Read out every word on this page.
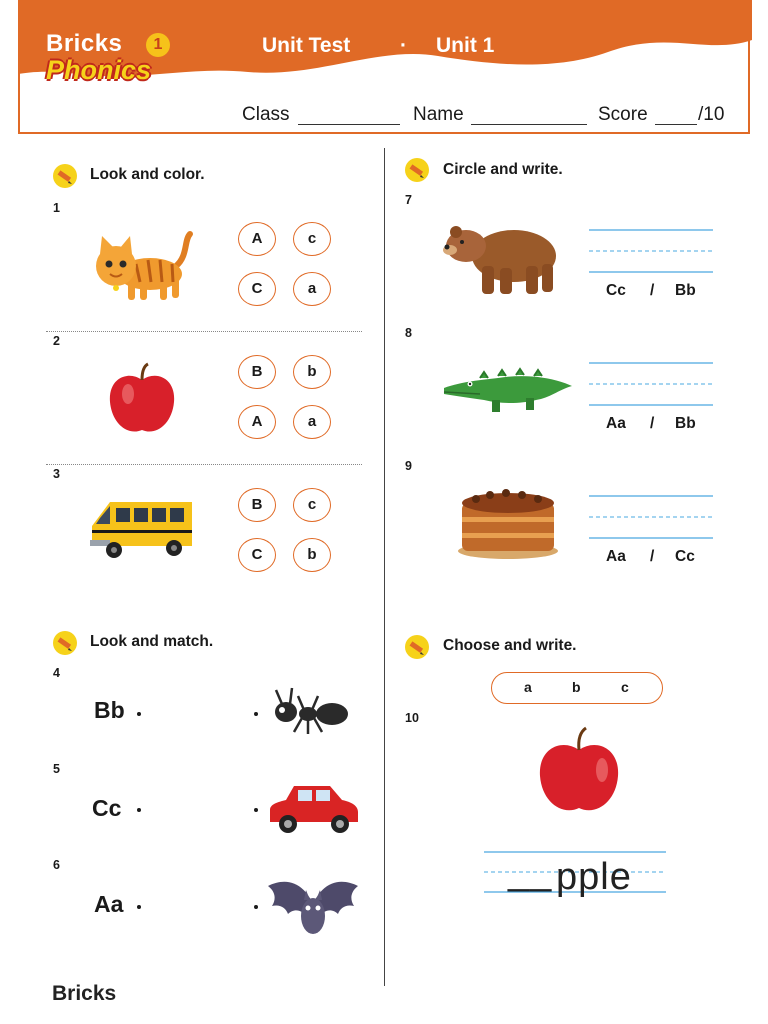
Bricks	1
Phonics
Unit Test · Unit 1
Class	Name	Score	/10
Look and color.
1
A	c
C	a
2
B	b
A	a
3
B	c
C	b
Look and match.
4
Bb
5
Cc
6
Aa
Circle and write.
7
Cc / Bb
8
Aa / Bb
9
Aa / Cc
Choose and write.
a	b	c
10
__ pple
Bricks
